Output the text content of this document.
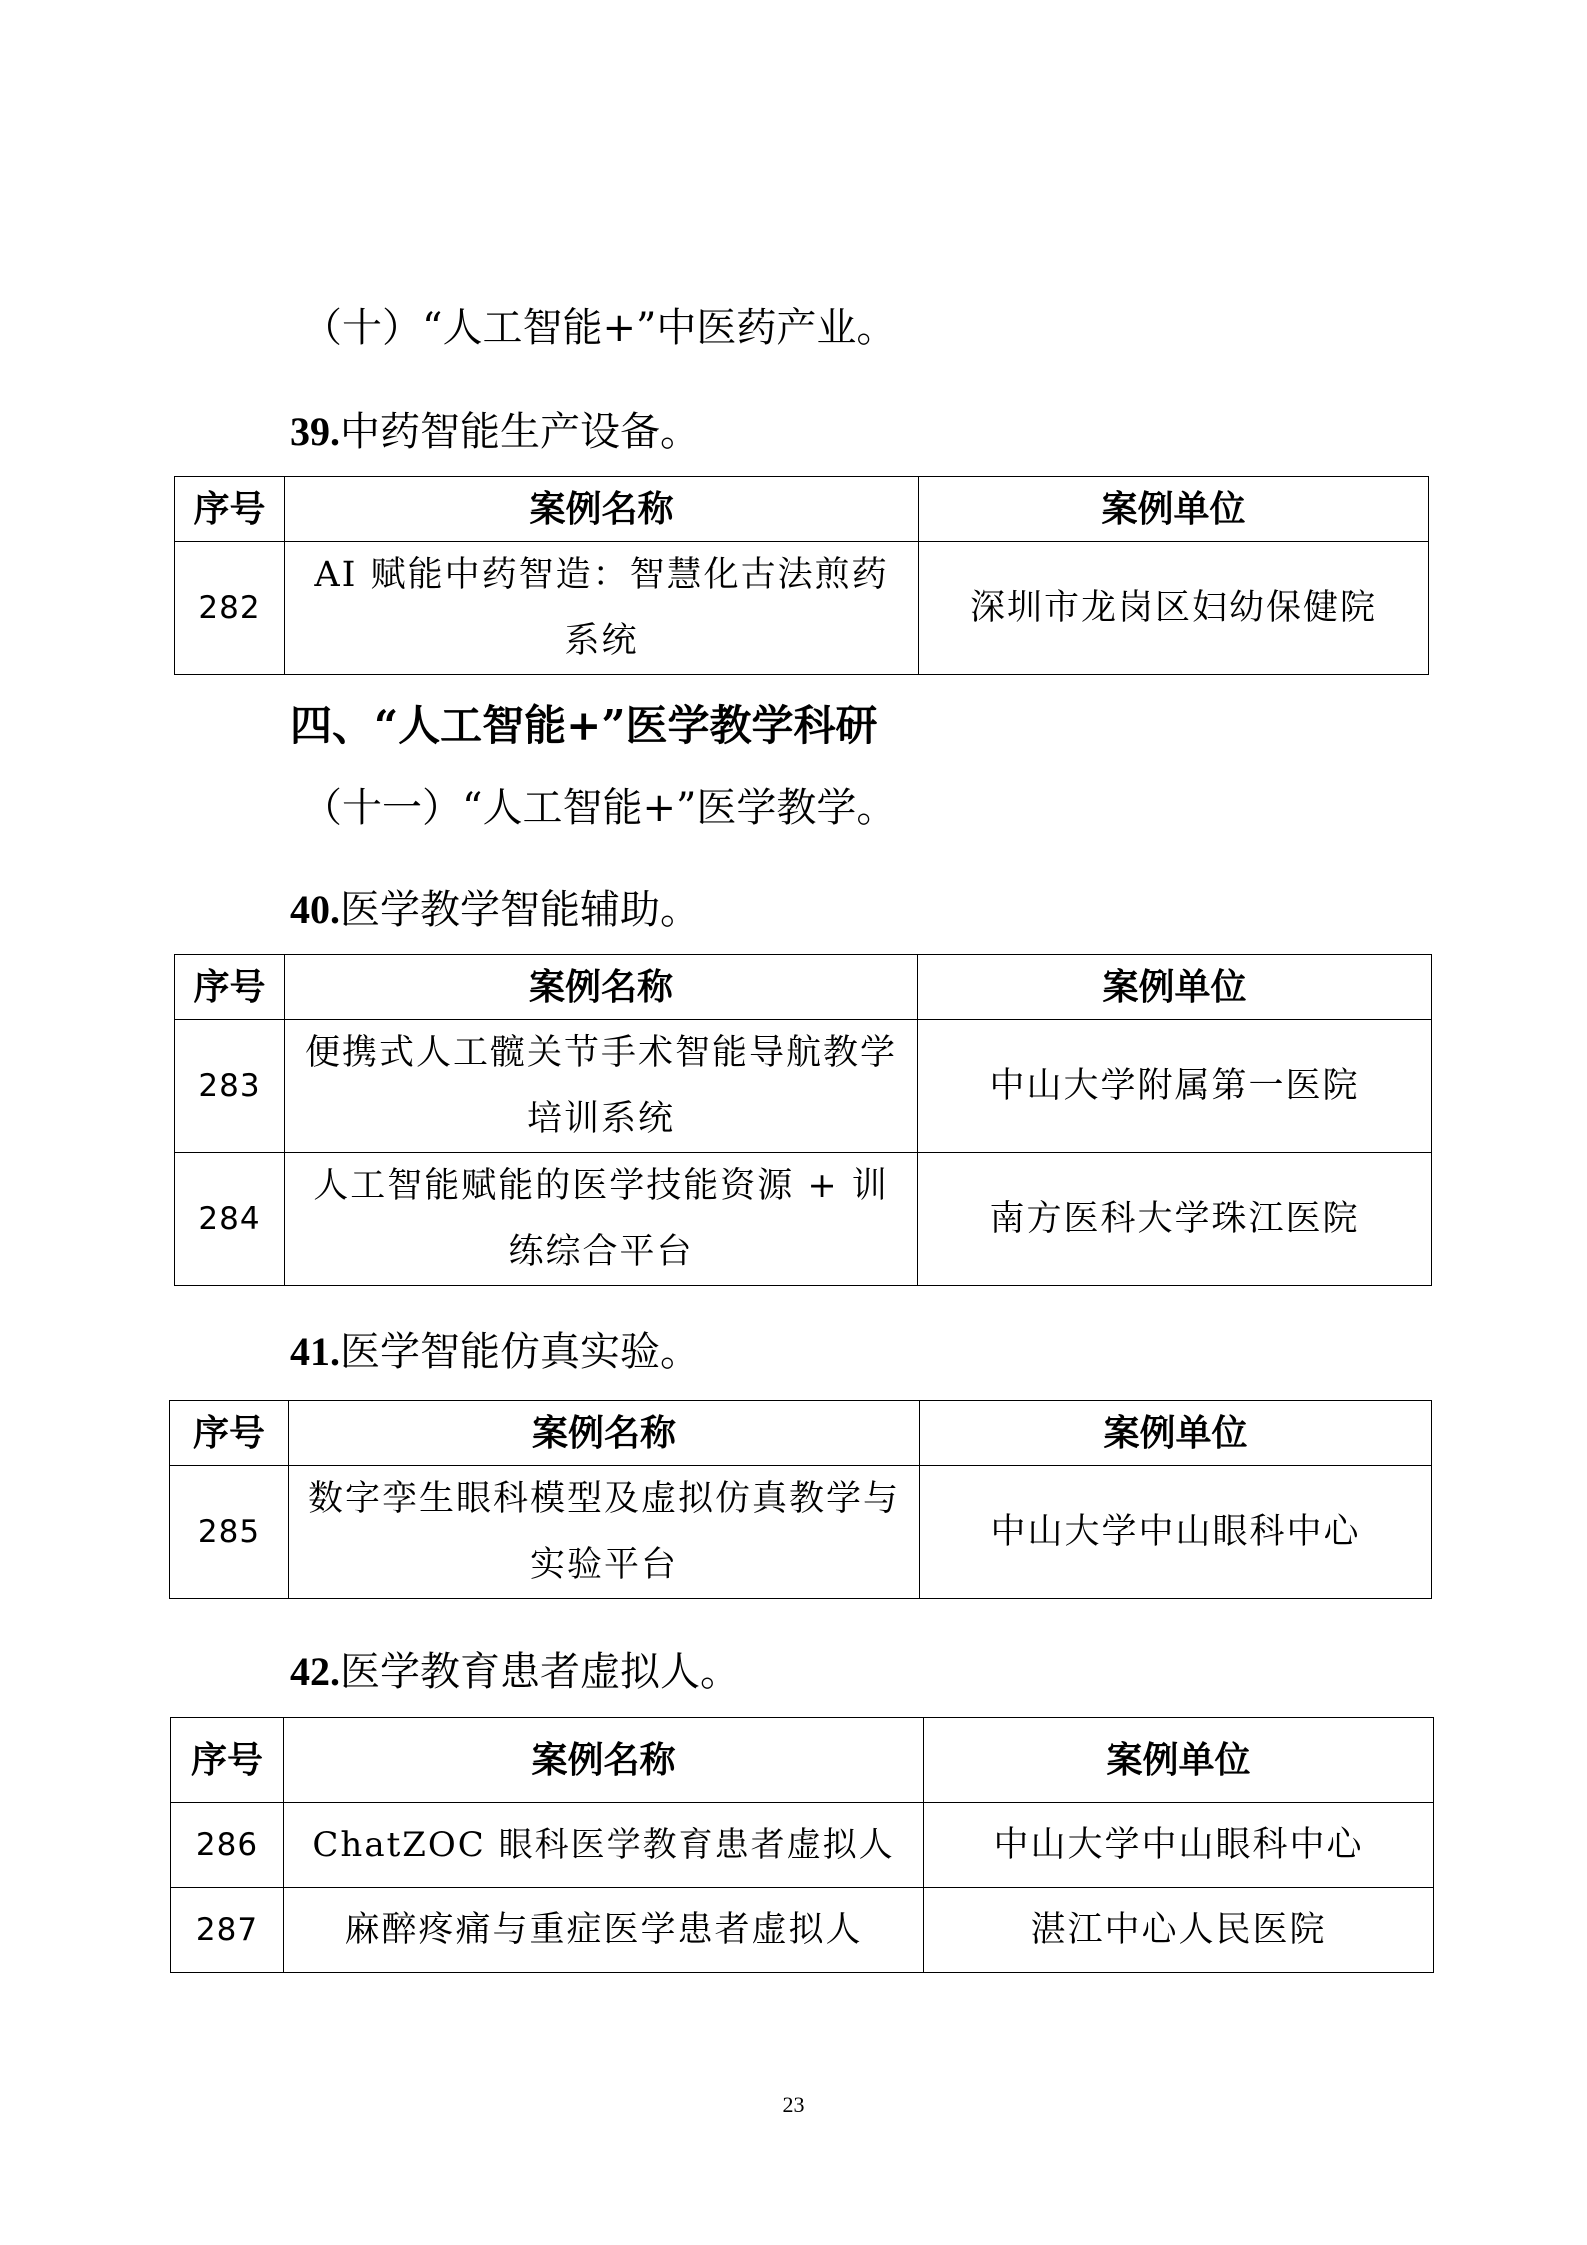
（十）“人工智能+”中医药产业。
39.中药智能生产设备。
序号	案例名称	案例单位
282	AI 赋能中药智造：智慧化古法煎药系统	深圳市龙岗区妇幼保健院
四、“人工智能+”医学教学科研
（十一）“人工智能+”医学教学。
40.医学教学智能辅助。
序号	案例名称	案例单位
283	便携式人工髋关节手术智能导航教学培训系统	中山大学附属第一医院
284	人工智能赋能的医学技能资源 + 训练综合平台	南方医科大学珠江医院
41.医学智能仿真实验。
序号	案例名称	案例单位
285	数字孪生眼科模型及虚拟仿真教学与实验平台	中山大学中山眼科中心
42.医学教育患者虚拟人。
序号	案例名称	案例单位
286	ChatZOC 眼科医学教育患者虚拟人	中山大学中山眼科中心
287	麻醉疼痛与重症医学患者虚拟人	湛江中心人民医院
23
